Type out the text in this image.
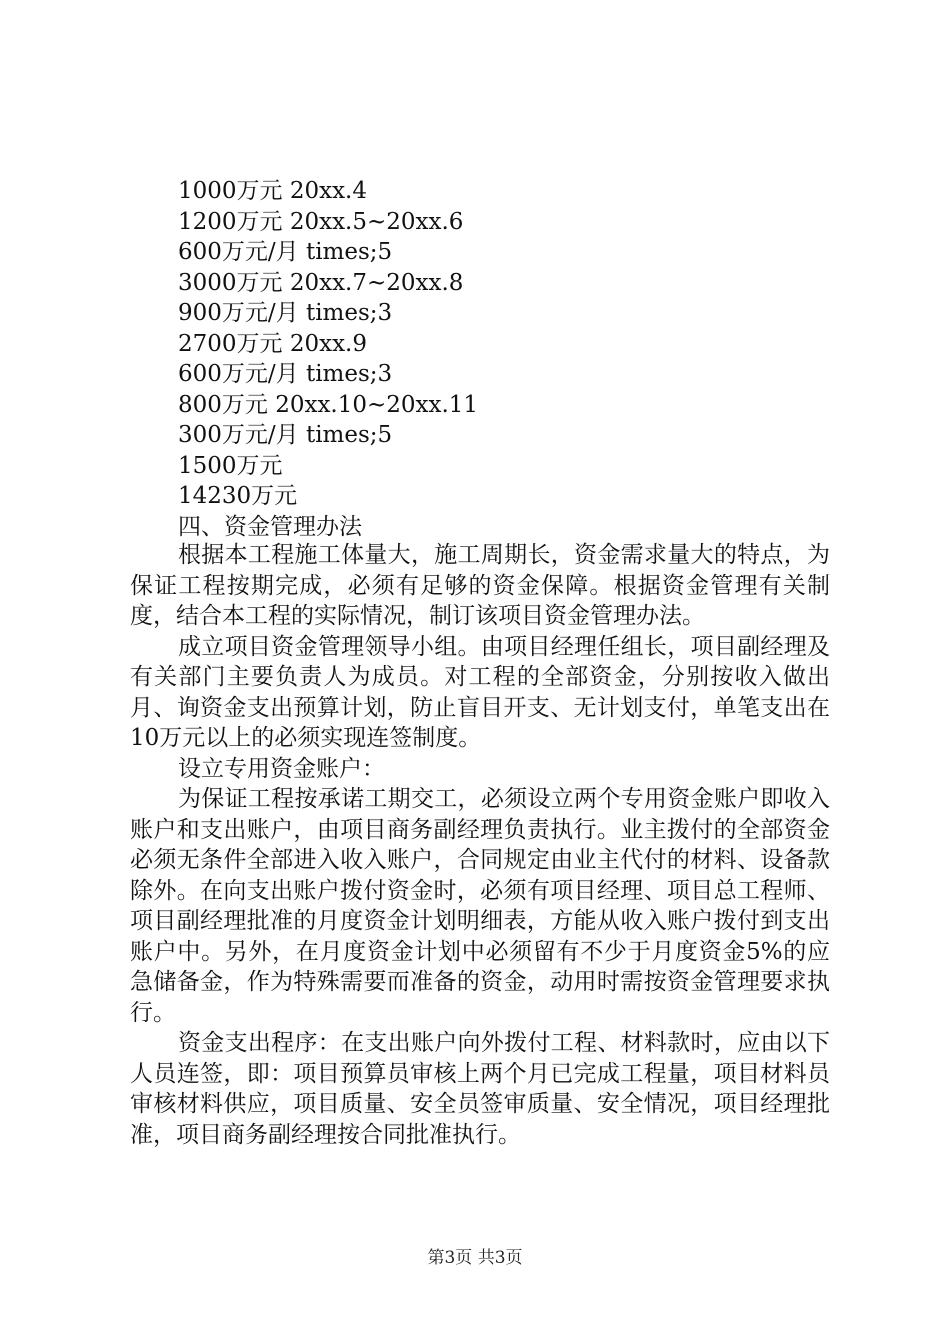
1000万元 20xx.4
1200万元 20xx.5~20xx.6
600万元/月 times;5
3000万元 20xx.7~20xx.8
900万元/月 times;3
2700万元 20xx.9
600万元/月 times;3
800万元 20xx.10~20xx.11
300万元/月 times;5
1500万元
14230万元
四、资金管理办法

根据本工程施工体量大，施工周期长，资金需求量大的特点，为保证工程按期完成，必须有足够的资金保障。根据资金管理有关制度，结合本工程的实际情况，制订该项目资金管理办法。

成立项目资金管理领导小组。由项目经理任组长，项目副经理及有关部门主要负责人为成员。对工程的全部资金，分别按收入做出月、询资金支出预算计划，防止盲目开支、无计划支付，单笔支出在10万元以上的必须实现连签制度。

设立专用资金账户：

为保证工程按承诺工期交工，必须设立两个专用资金账户即收入账户和支出账户，由项目商务副经理负责执行。业主拨付的全部资金必须无条件全部进入收入账户，合同规定由业主代付的材料、设备款除外。在向支出账户拨付资金时，必须有项目经理、项目总工程师、项目副经理批准的月度资金计划明细表，方能从收入账户拨付到支出账户中。另外，在月度资金计划中必须留有不少于月度资金5%的应急储备金，作为特殊需要而准备的资金，动用时需按资金管理要求执行。

资金支出程序：在支出账户向外拨付工程、材料款时，应由以下人员连签，即：项目预算员审核上两个月已完成工程量，项目材料员审核材料供应，项目质量、安全员签审质量、安全情况，项目经理批准，项目商务副经理按合同批准执行。

第3页 共3页
